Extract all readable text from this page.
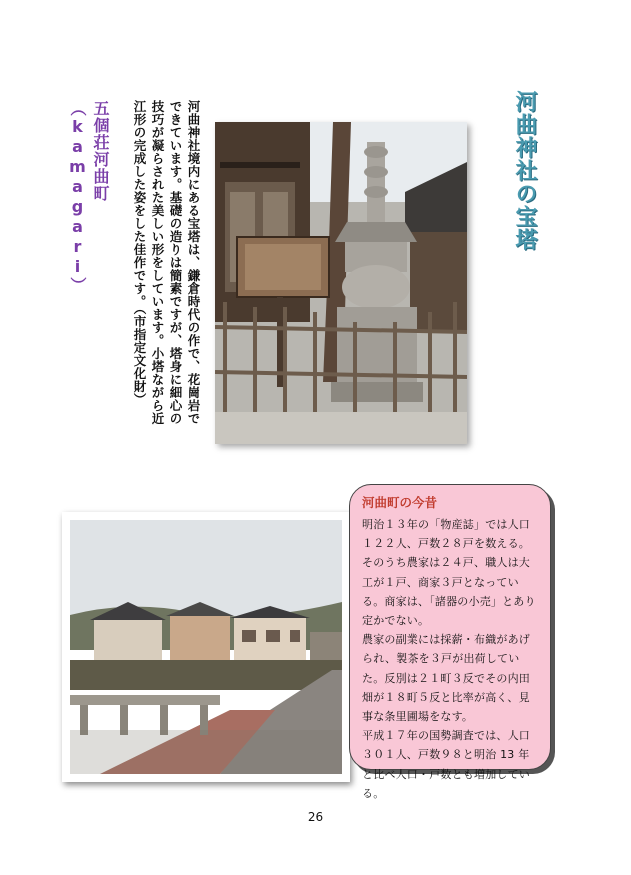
河曲神社の宝塔

河曲神社境内にある宝塔は、鎌倉時代の作で、花崗岩でできています。基礎の造りは簡素ですが、塔身に細心の技巧が凝らされた美しい形をしています。小塔ながら近江形の完成した姿をした佳作です。（市指定文化財）

五個荘河曲町（kamagari）
河曲町の今昔

明治１３年の「物産誌」では人口１２２人、戸数２８戸を数える。そのうち農家は２４戸、職人は大工が１戸、商家３戸となっている。商家は、「諸器の小売」とあり定かでない。

農家の副業には採薪・布織があげられ、製茶を３戸が出荷していた。反別は２１町３反でその内田畑が１８町５反と比率が高く、見事な条里圃場をなす。

平成１７年の国勢調査では、人口３０１人、戸数９８と明治 13 年と比べ人口・戸数とも増加している。

26
